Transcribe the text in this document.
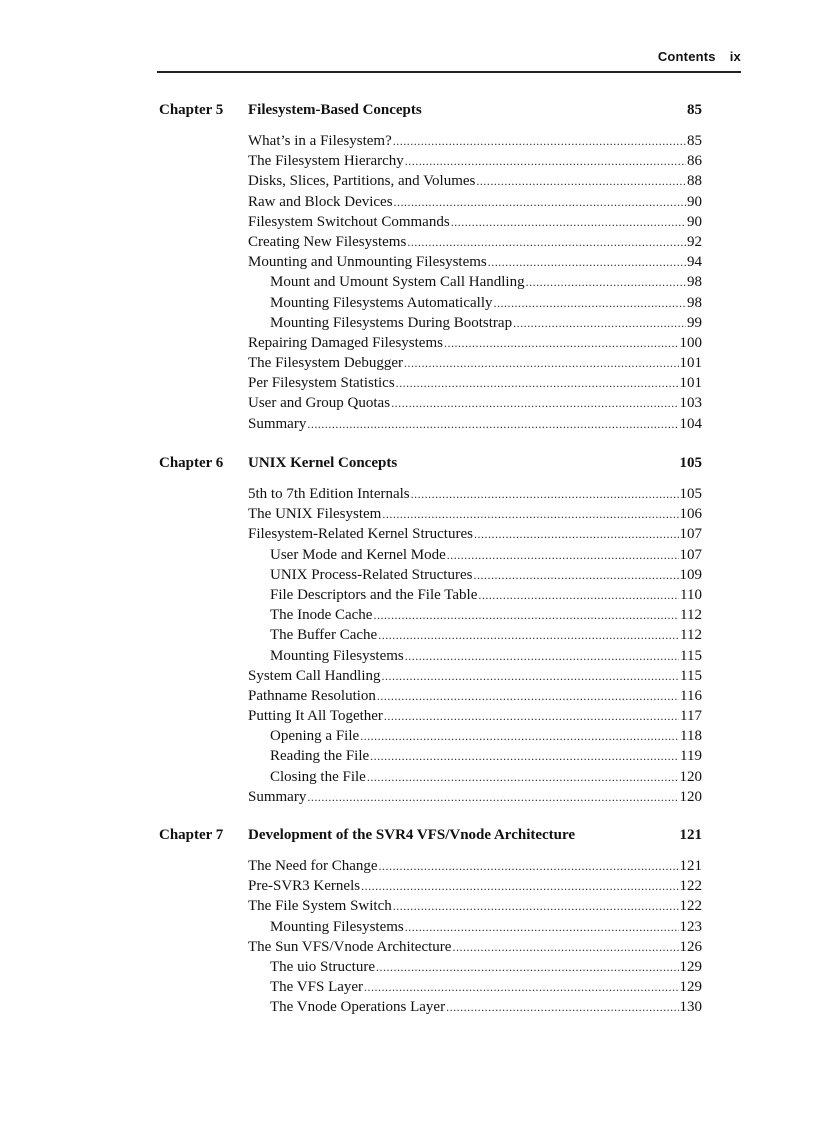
Contents ix
Chapter 5 Filesystem-Based Concepts	85
What’s in a Filesystem? .....	85
The Filesystem Hierarchy .....	86
Disks, Slices, Partitions, and Volumes .....	88
Raw and Block Devices .....	90
Filesystem Switchout Commands .....	90
Creating New Filesystems .....	92
Mounting and Unmounting Filesystems .....	94
Mount and Umount System Call Handling .....	98
Mounting Filesystems Automatically .....	98
Mounting Filesystems During Bootstrap .....	99
Repairing Damaged Filesystems .....	100
The Filesystem Debugger .....	101
Per Filesystem Statistics .....	101
User and Group Quotas .....	103
Summary .....	104
Chapter 6 UNIX Kernel Concepts	105
5th to 7th Edition Internals .....	105
The UNIX Filesystem .....	106
Filesystem-Related Kernel Structures .....	107
User Mode and Kernel Mode .....	107
UNIX Process-Related Structures .....	109
File Descriptors and the File Table .....	110
The Inode Cache .....	112
The Buffer Cache .....	112
Mounting Filesystems .....	115
System Call Handling .....	115
Pathname Resolution .....	116
Putting It All Together .....	117
Opening a File .....	118
Reading the File .....	119
Closing the File .....	120
Summary .....	120
Chapter 7 Development of the SVR4 VFS/Vnode Architecture	121
The Need for Change .....	121
Pre-SVR3 Kernels .....	122
The File System Switch .....	122
Mounting Filesystems .....	123
The Sun VFS/Vnode Architecture .....	126
The uio Structure .....	129
The VFS Layer .....	129
The Vnode Operations Layer .....	130
